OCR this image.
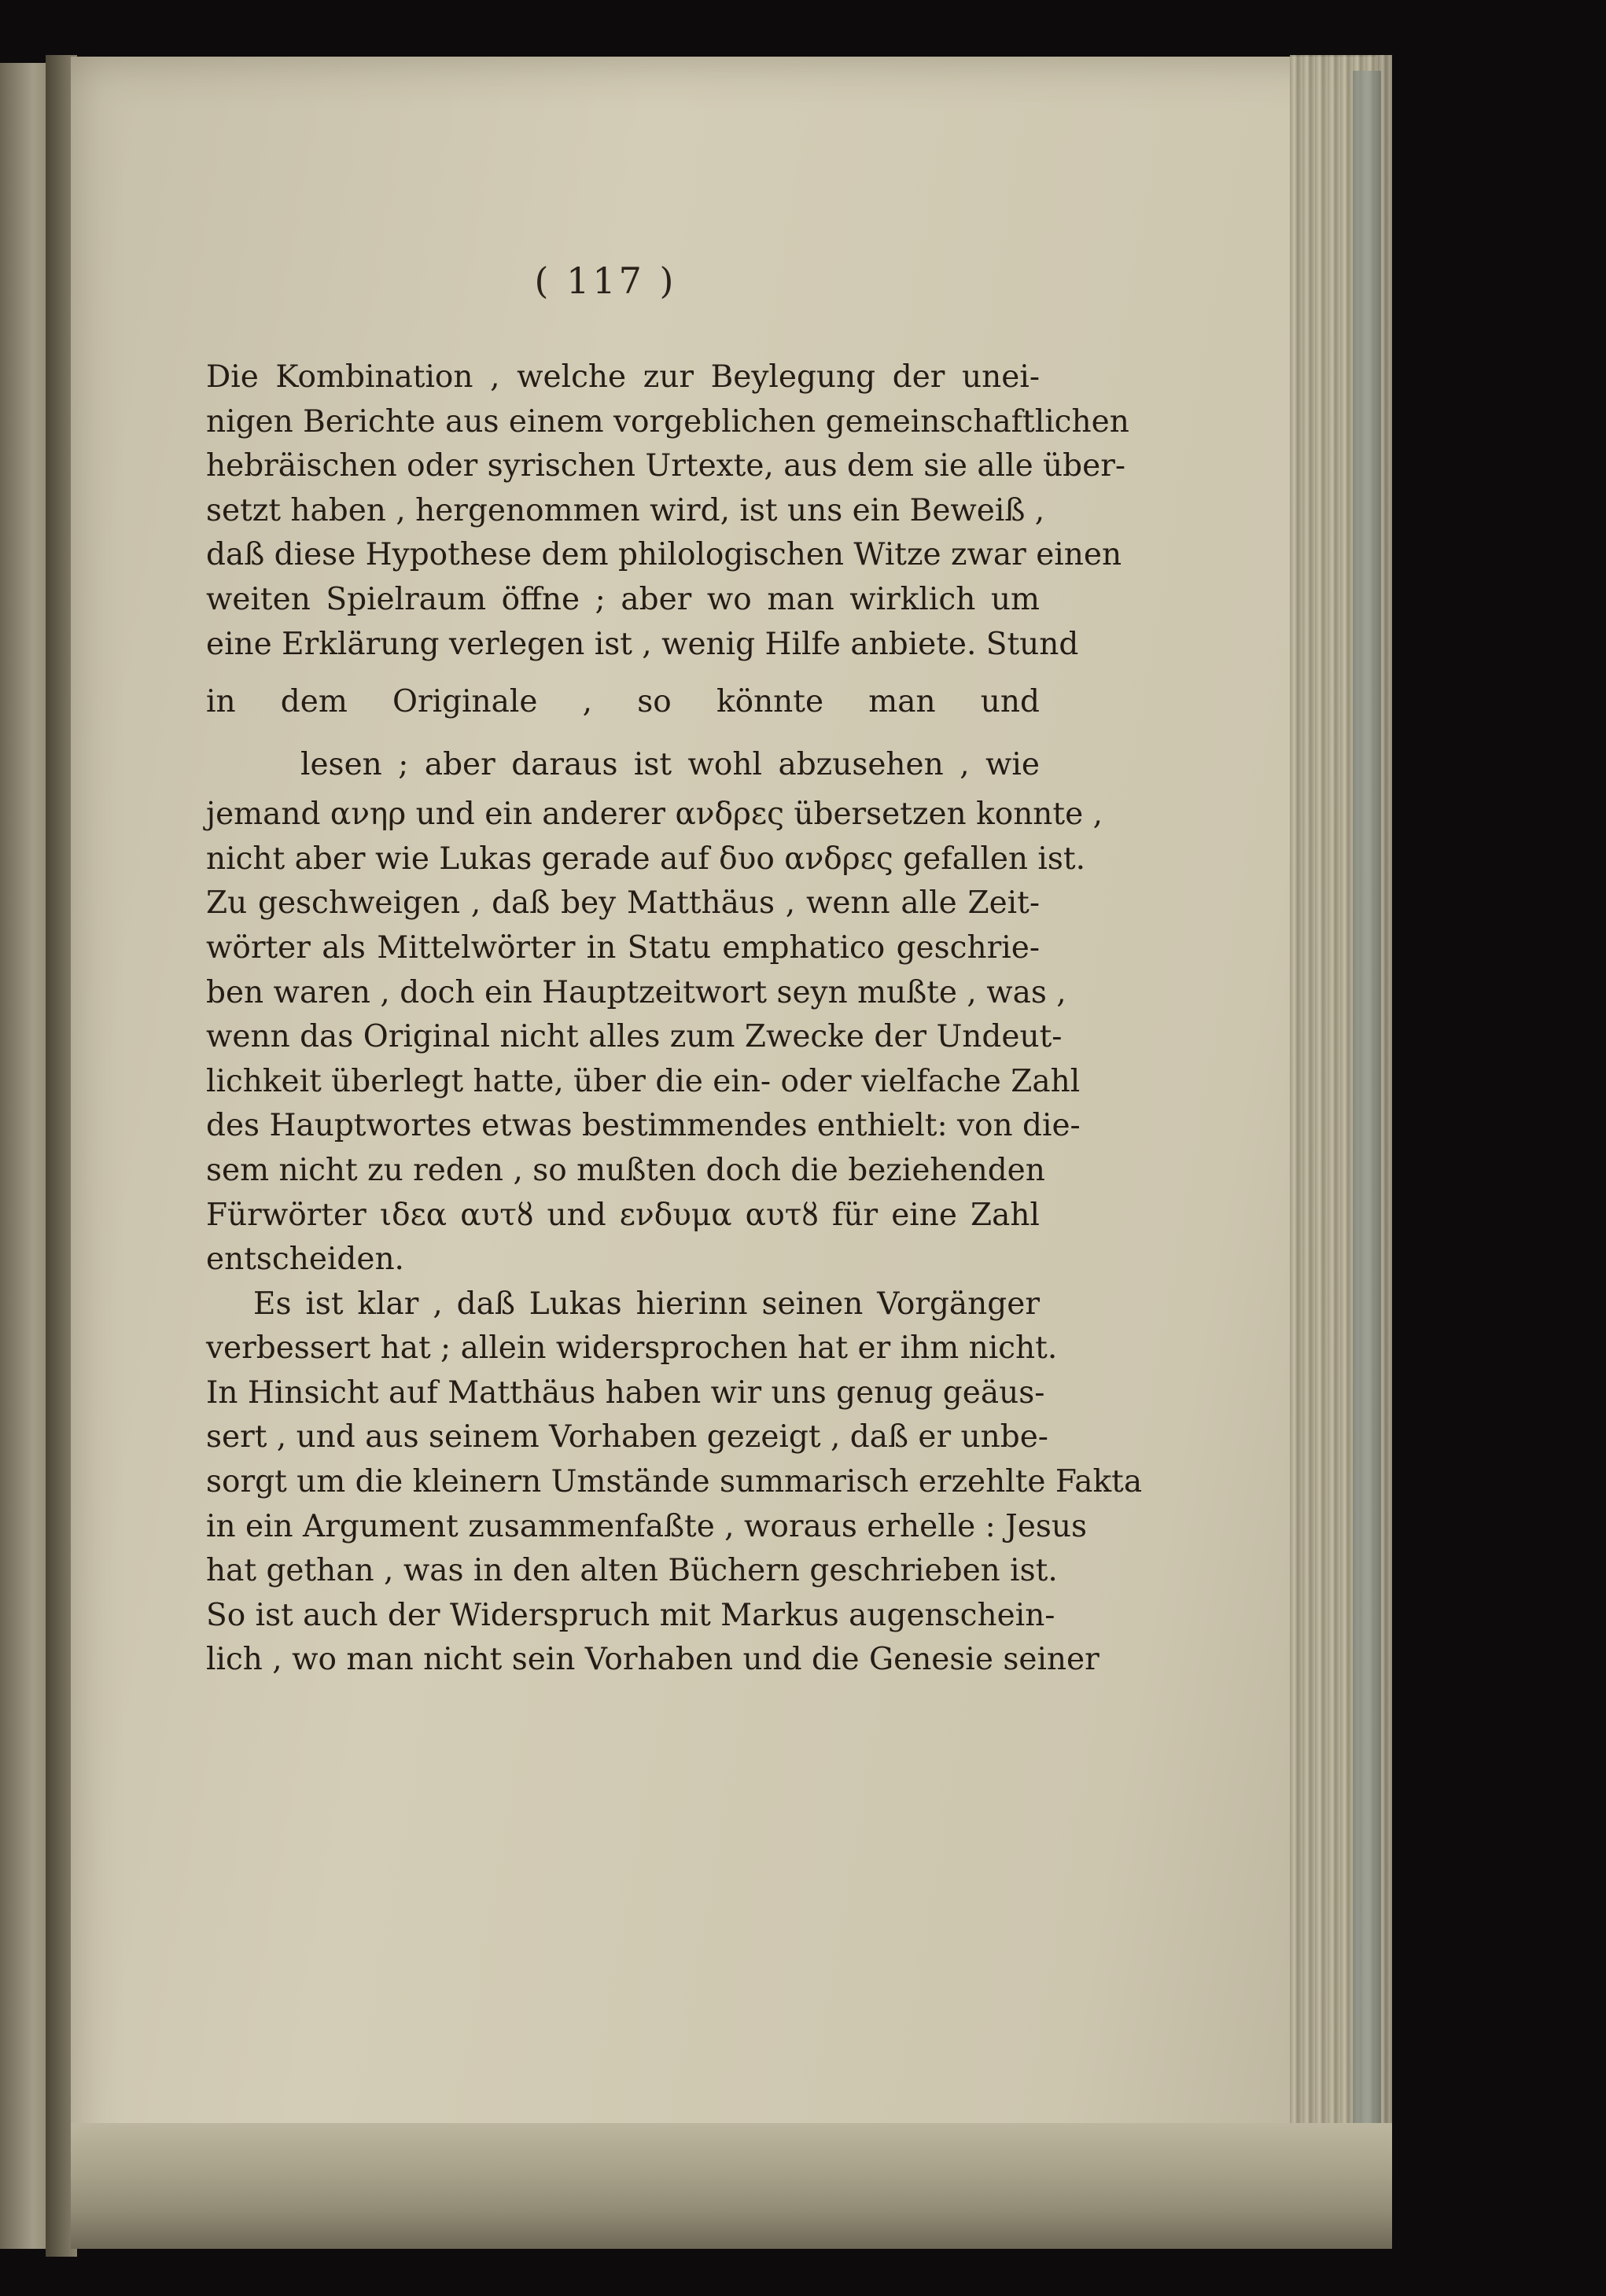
( 117 )
Die Kombination , welche zur Beylegung der unei-
nigen Berichte aus einem vorgeblichen gemeinschaftlichen
hebräischen oder syrischen Urtexte, aus dem sie alle über-
setzt haben , hergenommen wird, ist uns ein Beweiß ,
daß diese Hypothese dem philologischen Witze zwar einen
weiten Spielraum öffne ; aber wo man wirklich um
eine Erklärung verlegen ist , wenig Hilfe anbiete. Stund
in dem Originale , so könnte man und
lesen ; aber daraus ist wohl abzusehen , wie
jemand ανηρ und ein anderer ανδρες übersetzen konnte ,
nicht aber wie Lukas gerade auf δυο ανδρες gefallen ist.
Zu geschweigen , daß bey Matthäus , wenn alle Zeit-
wörter als Mittelwörter in Statu emphatico geschrie-
ben waren , doch ein Hauptzeitwort seyn mußte , was ,
wenn das Original nicht alles zum Zwecke der Undeut-
lichkeit überlegt hatte, über die ein- oder vielfache Zahl
des Hauptwortes etwas bestimmendes enthielt: von die-
sem nicht zu reden , so mußten doch die beziehenden
Fürwörter ιδεα αυτȣ und ενδυμα αυτȣ für eine Zahl
entscheiden.
Es ist klar , daß Lukas hierinn seinen Vorgänger
verbessert hat ; allein widersprochen hat er ihm nicht.
In Hinsicht auf Matthäus haben wir uns genug geäus-
sert , und aus seinem Vorhaben gezeigt , daß er unbe-
sorgt um die kleinern Umstände summarisch erzehlte Fakta
in ein Argument zusammenfaßte , woraus erhelle : Jesus
hat gethan , was in den alten Büchern geschrieben ist.
So ist auch der Widerspruch mit Markus augenschein-
lich , wo man nicht sein Vorhaben und die Genesie seiner
